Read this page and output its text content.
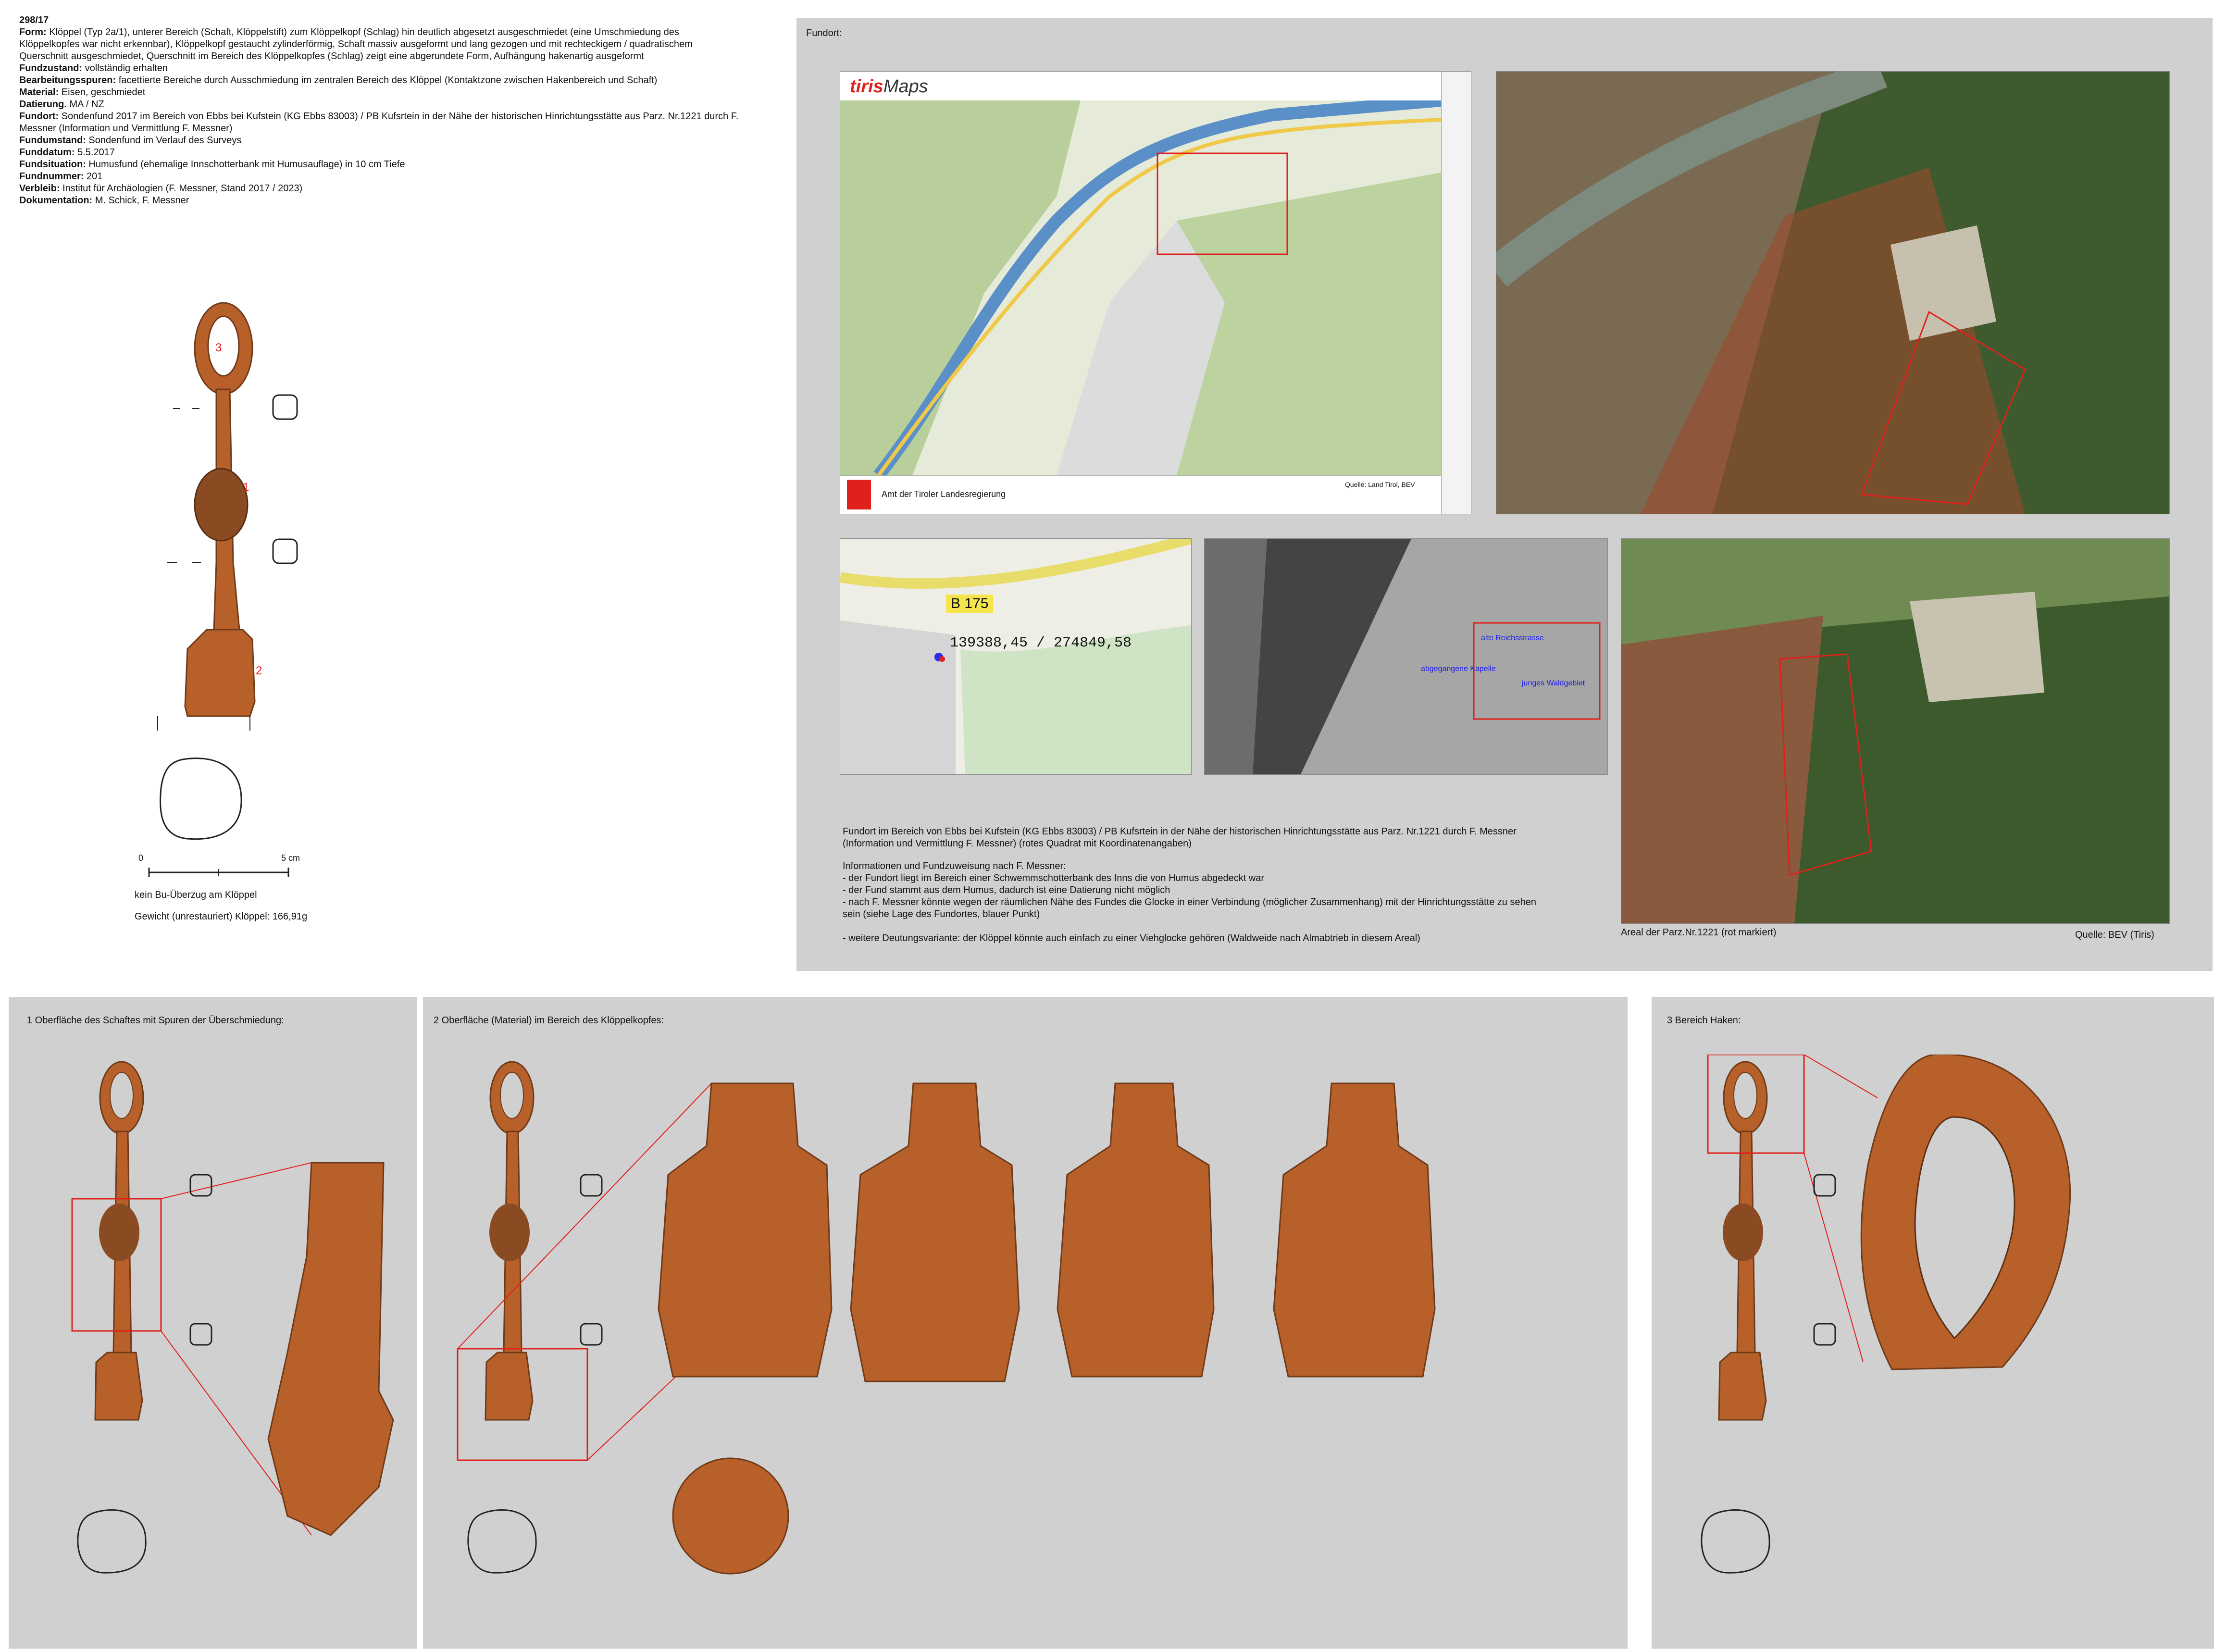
298/17
Form: Klöppel (Typ 2a/1), unterer Bereich (Schaft, Klöppelstift) zum Klöppelkopf (Schlag) hin deutlich abgesetzt ausgeschmiedet (eine Umschmiedung des Klöppelkopfes war nicht erkennbar), Klöppelkopf gestaucht zylinderförmig, Schaft massiv ausgeformt und lang gezogen und mit rechteckigem / quadratischem Querschnitt ausgeschmiedet, Querschnitt im Bereich des Klöppelkopfes (Schlag) zeigt eine abgerundete Form, Aufhängung hakenartig ausgeformt
Fundzustand: vollständig erhalten
Bearbeitungsspuren: facettierte Bereiche durch Ausschmiedung im zentralen Bereich des Klöppel (Kontaktzone zwischen Hakenbereich und Schaft)
Material: Eisen, geschmiedet
Datierung. MA / NZ
Fundort: Sondenfund 2017 im Bereich von Ebbs bei Kufstein (KG Ebbs 83003) / PB Kufsrtein in der Nähe der historischen Hinrichtungsstätte aus Parz. Nr.1221 durch F. Messner (Information und Vermittlung F. Messner)
Fundumstand: Sondenfund im Verlauf des Surveys
Funddatum: 5.5.2017
Fundsituation: Humusfund (ehemalige Innschotterbank mit Humusauflage) in 10 cm Tiefe
Fundnummer: 201
Verbleib: Institut für Archäologien (F. Messner, Stand 2017 / 2023)
Dokumentation: M. Schick, F. Messner
3
1
2
0	5 cm
kein Bu-Überzug am Klöppel
Gewicht (unrestauriert) Klöppel: 166,91g
Fundort:
tirisMaps
Amt der Tiroler Landesregierung
Quelle: Land Tirol, BEV
B 175
139388,45 / 274849,58	alte Reichsstrasse
abgegangene Kapelle
junges Waldgebiet
Fundort im Bereich von Ebbs bei Kufstein (KG Ebbs 83003) / PB Kufsrtein in der Nähe der historischen Hinrichtungsstätte aus Parz. Nr.1221 durch F. Messner (Information und Vermittlung F. Messner) (rotes Quadrat mit Koordinatenangaben)
Informationen und Fundzuweisung nach F. Messner:
- der Fundort liegt im Bereich einer Schwemmschotterbank des Inns die von Humus abgedeckt war
- der Fund stammt aus dem Humus, dadurch ist eine Datierung nicht möglich
- nach F. Messner könnte wegen der räumlichen Nähe des Fundes die Glocke in einer Verbindung (möglicher Zusammenhang) mit der Hinrichtungsstätte zu sehen sein (siehe Lage des Fundortes, blauer Punkt)
- weitere Deutungsvariante: der Klöppel könnte auch einfach zu einer Viehglocke gehören (Waldweide nach Almabtrieb in diesem Areal)
Areal der Parz.Nr.1221 (rot markiert)	Quelle: BEV (Tiris)
1 Oberfläche des Schaftes mit Spuren der Überschmiedung:	2 Oberfläche (Material) im Bereich des Klöppelkopfes:	3 Bereich Haken:
